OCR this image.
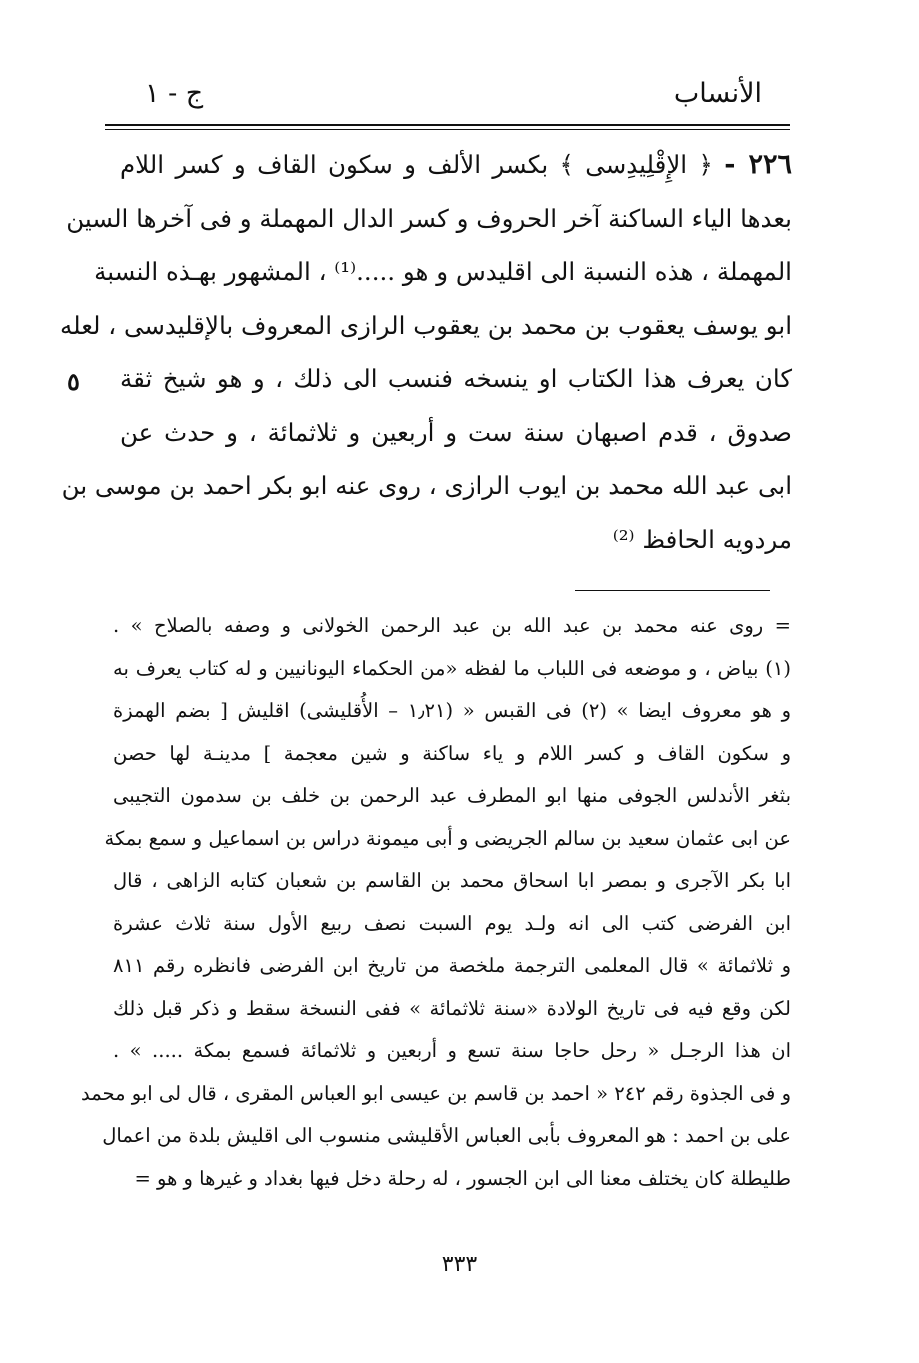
الأنساب
ج - ١
٢٢٦ - ﴿ الإِقْلِيدِسى ﴾ بكسر الألف و سكون القاف و كسر اللام
بعدها الياء الساكنة آخر الحروف و كسر الدال المهملة و فى آخرها السين
المهملة ، هذه النسبة الى اقليدس و هو .....⁽¹⁾ ، المشهور بهـذه النسبة
ابو يوسف يعقوب بن محمد بن يعقوب الرازى المعروف بالإقليدسى ، لعله
كان يعرف هذا الكتاب او ينسخه فنسب الى ذلك ، و هو شيخ ثقة
صدوق ، قدم اصبهان سنة ست و أربعين و ثلاثمائة ، و حدث عن
ابى عبد الله محمد بن ايوب الرازى ، روى عنه ابو بكر احمد بن موسى بن
مردويه الحافظ ⁽²⁾
٥
= روى عنه محمد بن عبد الله بن عبد الرحمن الخولانى و وصفه بالصلاح » .
(١) بياض ، و موضعه فى اللباب ما لفظه «من الحكماء اليونانيين و له كتاب يعرف به
و هو معروف ايضا » (٢) فى القبس « (١٫٢١ – الأُقليشى) اقليش [ بضم الهمزة
و سكون القاف و كسر اللام و ياء ساكنة و شين معجمة ] مدينـة لها حصن
بثغر الأندلس الجوفى منها ابو المطرف عبد الرحمن بن خلف بن سدمون التجيبى
عن ابى عثمان سعيد بن سالم الجريضى و أبى ميمونة دراس بن اسماعيل و سمع بمكة
ابا بكر الآجرى و بمصر ابا اسحاق محمد بن القاسم بن شعبان كتابه الزاهى ، قال
ابن الفرضى كتب الى انه ولـد يوم السبت نصف ربيع الأول سنة ثلاث عشرة
و ثلاثمائة » قال المعلمى الترجمة ملخصة من تاريخ ابن الفرضى فانظره رقم ٨١١
لكن وقع فيه فى تاريخ الولادة «سنة ثلاثمائة » ففى النسخة سقط و ذكر قبل ذلك
ان هذا الرجـل « رحل حاجا سنة تسع و أربعين و ثلاثمائة فسمع بمكة ..... » .
و فى الجذوة رقم ٢٤٢ « احمد بن قاسم بن عيسى ابو العباس المقرى ، قال لى ابو محمد
على بن احمد : هو المعروف بأبى العباس الأقليشى منسوب الى اقليش بلدة من اعمال
طليطلة كان يختلف معنا الى ابن الجسور ، له رحلة دخل فيها بغداد و غيرها و هو =
٣٣٣
